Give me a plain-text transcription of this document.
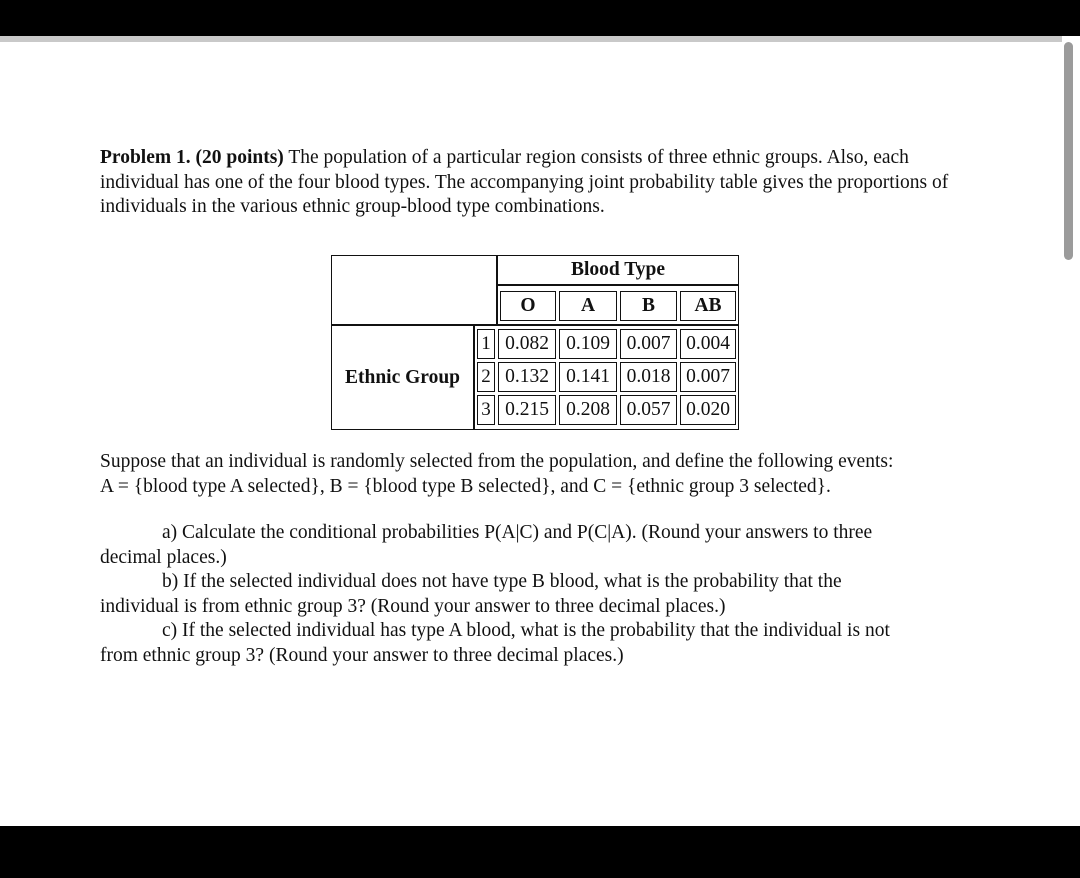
Problem 1. (20 points) The population of a particular region consists of three ethnic groups. Also, each individual has one of the four blood types. The accompanying joint probability table gives the proportions of individuals in the various ethnic group-blood type combinations.

Blood Type
O	A	B	AB
Ethnic Group
1 0.082 0.109 0.007 0.004
2 0.132 0.141 0.018 0.007
3 0.215 0.208 0.057 0.020

Suppose that an individual is randomly selected from the population, and define the following events:
A = {blood type A selected}, B = {blood type B selected}, and C = {ethnic group 3 selected}.

a) Calculate the conditional probabilities P(A|C) and P(C|A). (Round your answers to three
decimal places.)

b) If the selected individual does not have type B blood, what is the probability that the
individual is from ethnic group 3? (Round your answer to three decimal places.)

c) If the selected individual has type A blood, what is the probability that the individual is not
from ethnic group 3? (Round your answer to three decimal places.)
